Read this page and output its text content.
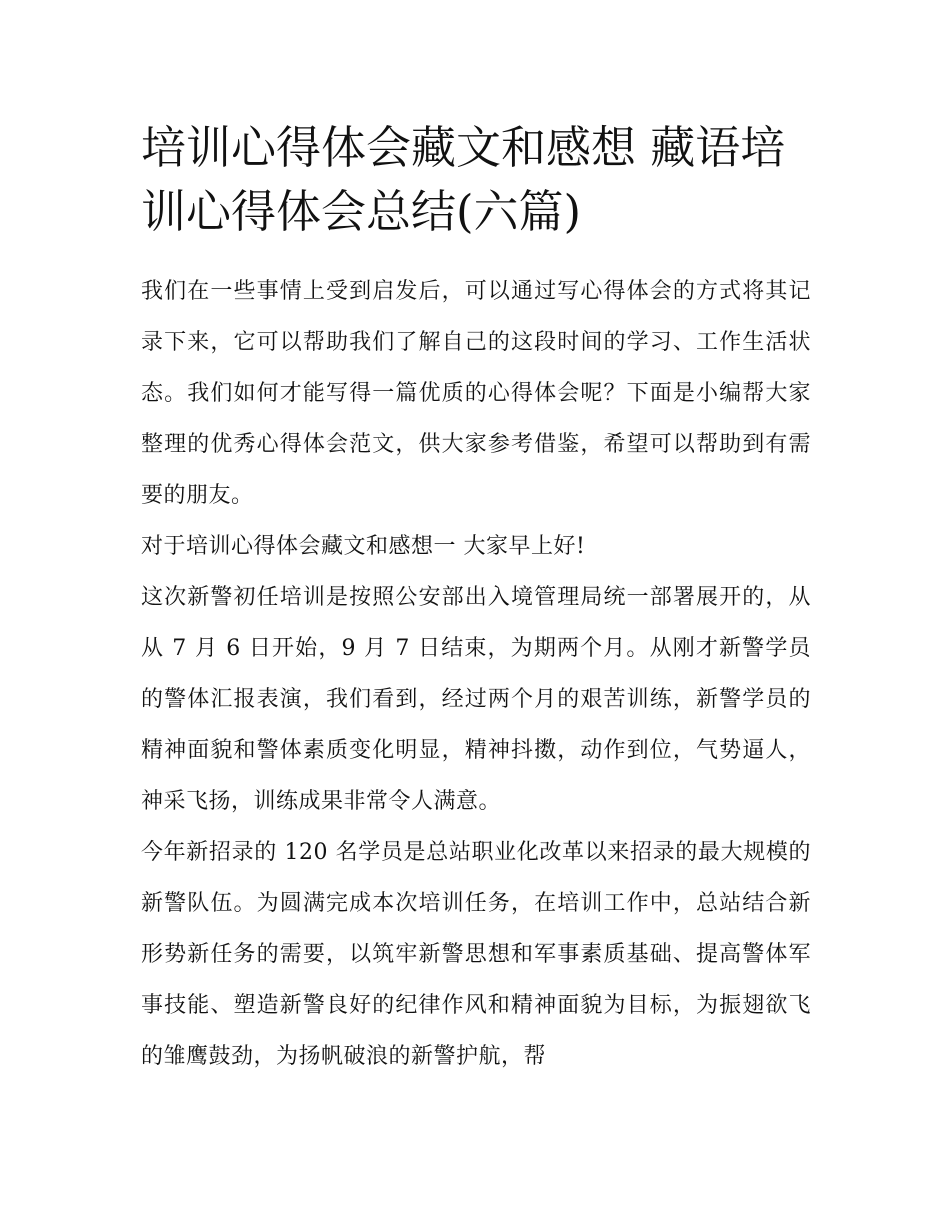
培训心得体会藏文和感想 藏语培训心得体会总结(六篇)

我们在一些事情上受到启发后，可以通过写心得体会的方式将其记录下来，它可以帮助我们了解自己的这段时间的学习、工作生活状态。我们如何才能写得一篇优质的心得体会呢？下面是小编帮大家整理的优秀心得体会范文，供大家参考借鉴，希望可以帮助到有需要的朋友。

对于培训心得体会藏文和感想一 大家早上好!

这次新警初任培训是按照公安部出入境管理局统一部署展开的，从从 7 月 6 日开始，9 月 7 日结束，为期两个月。从刚才新警学员的警体汇报表演，我们看到，经过两个月的艰苦训练，新警学员的精神面貌和警体素质变化明显，精神抖擞，动作到位，气势逼人，神采飞扬，训练成果非常令人满意。

今年新招录的 120 名学员是总站职业化改革以来招录的最大规模的新警队伍。为圆满完成本次培训任务，在培训工作中，总站结合新形势新任务的需要，以筑牢新警思想和军事素质基础、提高警体军事技能、塑造新警良好的纪律作风和精神面貌为目标，为振翅欲飞的雏鹰鼓劲，为扬帆破浪的新警护航，帮
